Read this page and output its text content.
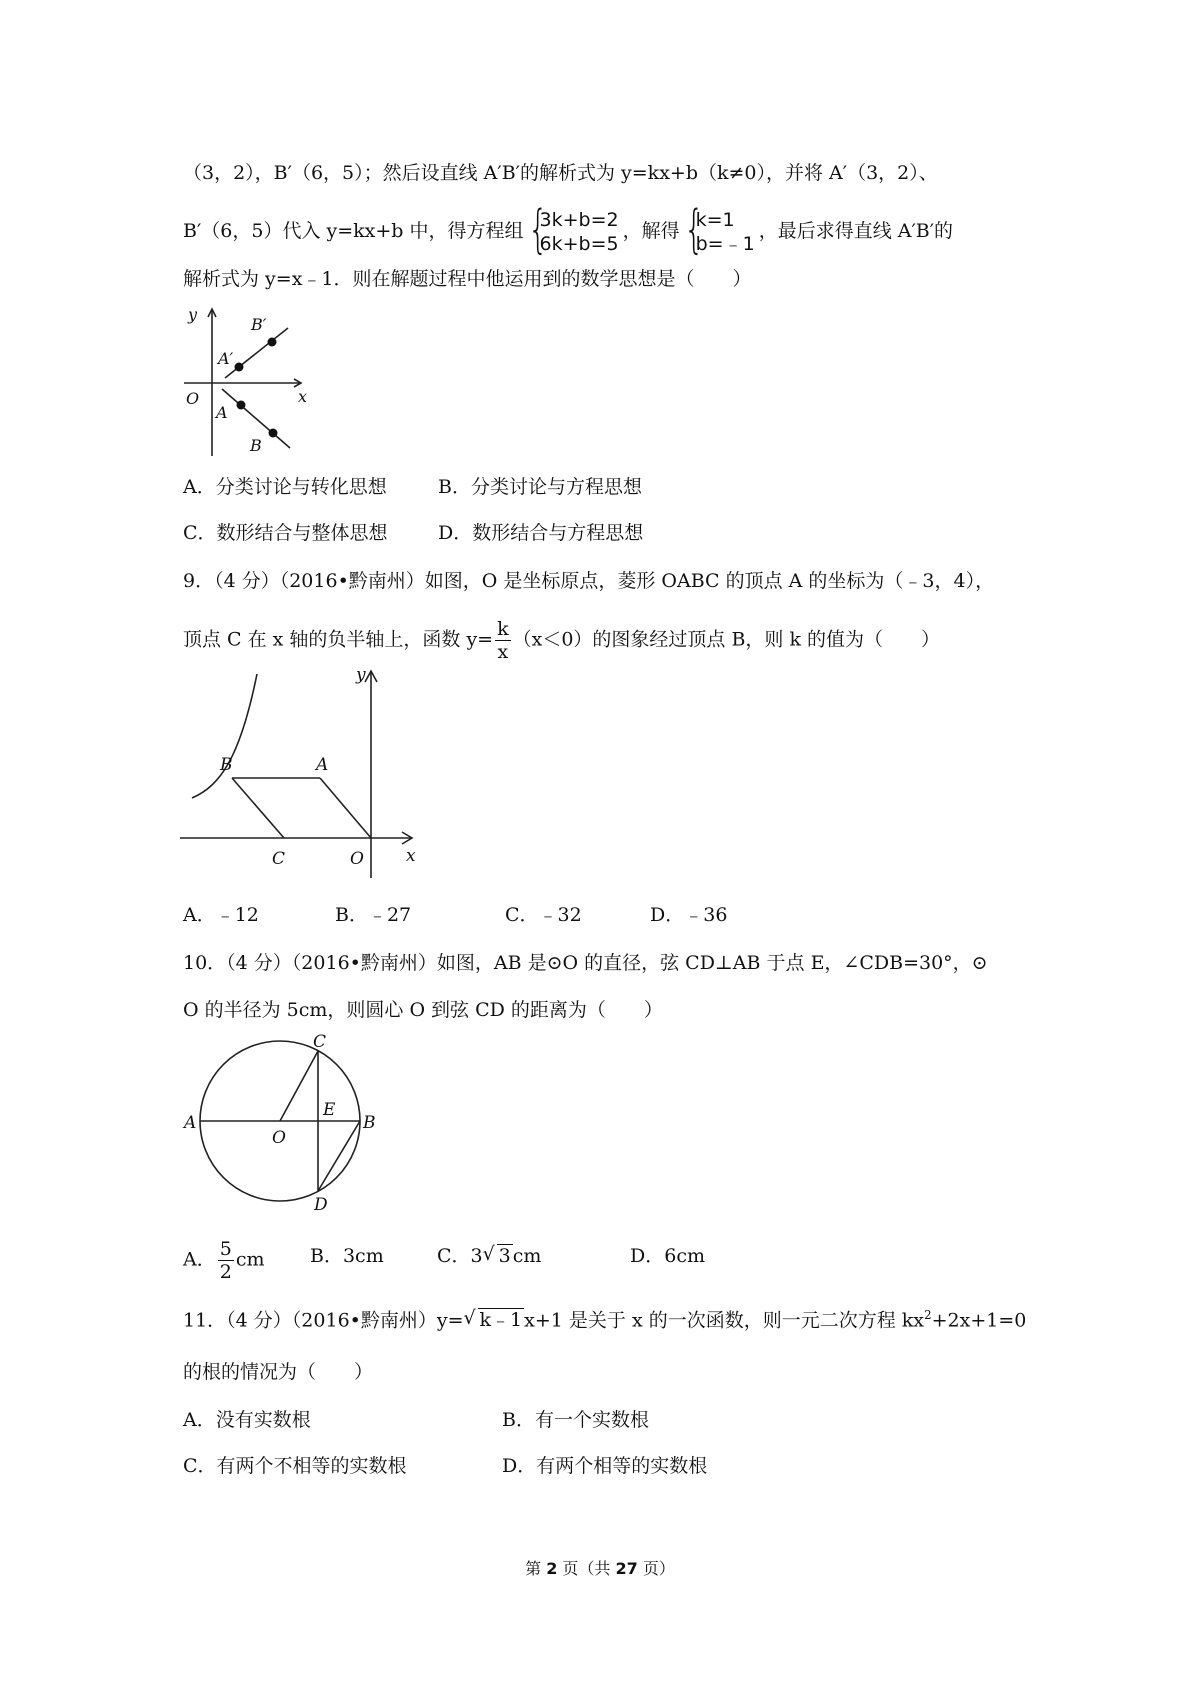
（3，2），B′（6，5）；然后设直线 A′B′的解析式为 y=kx+b（k≠0），并将 A′（3，2）、
B′（6，5）代入 y=kx+b 中，得方程组 {
3k+b=2
6k+b=5
，解得 {
k=1
b=﹣1
，最后求得直线 A′B′的
解析式为 y=x﹣1．则在解题过程中他运用到的数学思想是（　　）
y
x
O
B′
A′
A
B
A．分类讨论与转化思想	B．分类讨论与方程思想
C．数形结合与整体思想	D．数形结合与方程思想
9．（4 分）（2016•黔南州）如图，O 是坐标原点，菱形 OABC 的顶点 A 的坐标为（﹣3，4），
顶点 C 在 x 轴的负半轴上，函数 $y= \frac{k}{x} (x<0)$的图象经过顶点 B，则 k 的值为（　　）
y
x
B	A
C	O
A．﹣12	B．﹣27	C．﹣32	D．﹣36
10．（4 分）（2016•黔南州）如图，AB 是⊙O 的直径，弦 CD⊥AB 于点 E，∠CDB=30°，⊙
O 的半径为 5cm，则圆心 O 到弦 CD 的距离为（　　）
A	B
C
D
E
O
A． $\frac{5}{2}$ cm B．3cm	C．3 √ 3 cm	D．6cm
11．（4 分）（2016•黔南州）y= √ k﹣1 x+1 是关于 x 的一次函数，则一元二次方程 $kx^2+2x+1=0$
的根的情况为（　　）
A．没有实数根	B．有一个实数根
C．有两个不相等的实数根	D．有两个相等的实数根
第 2 页（共 27 页）
